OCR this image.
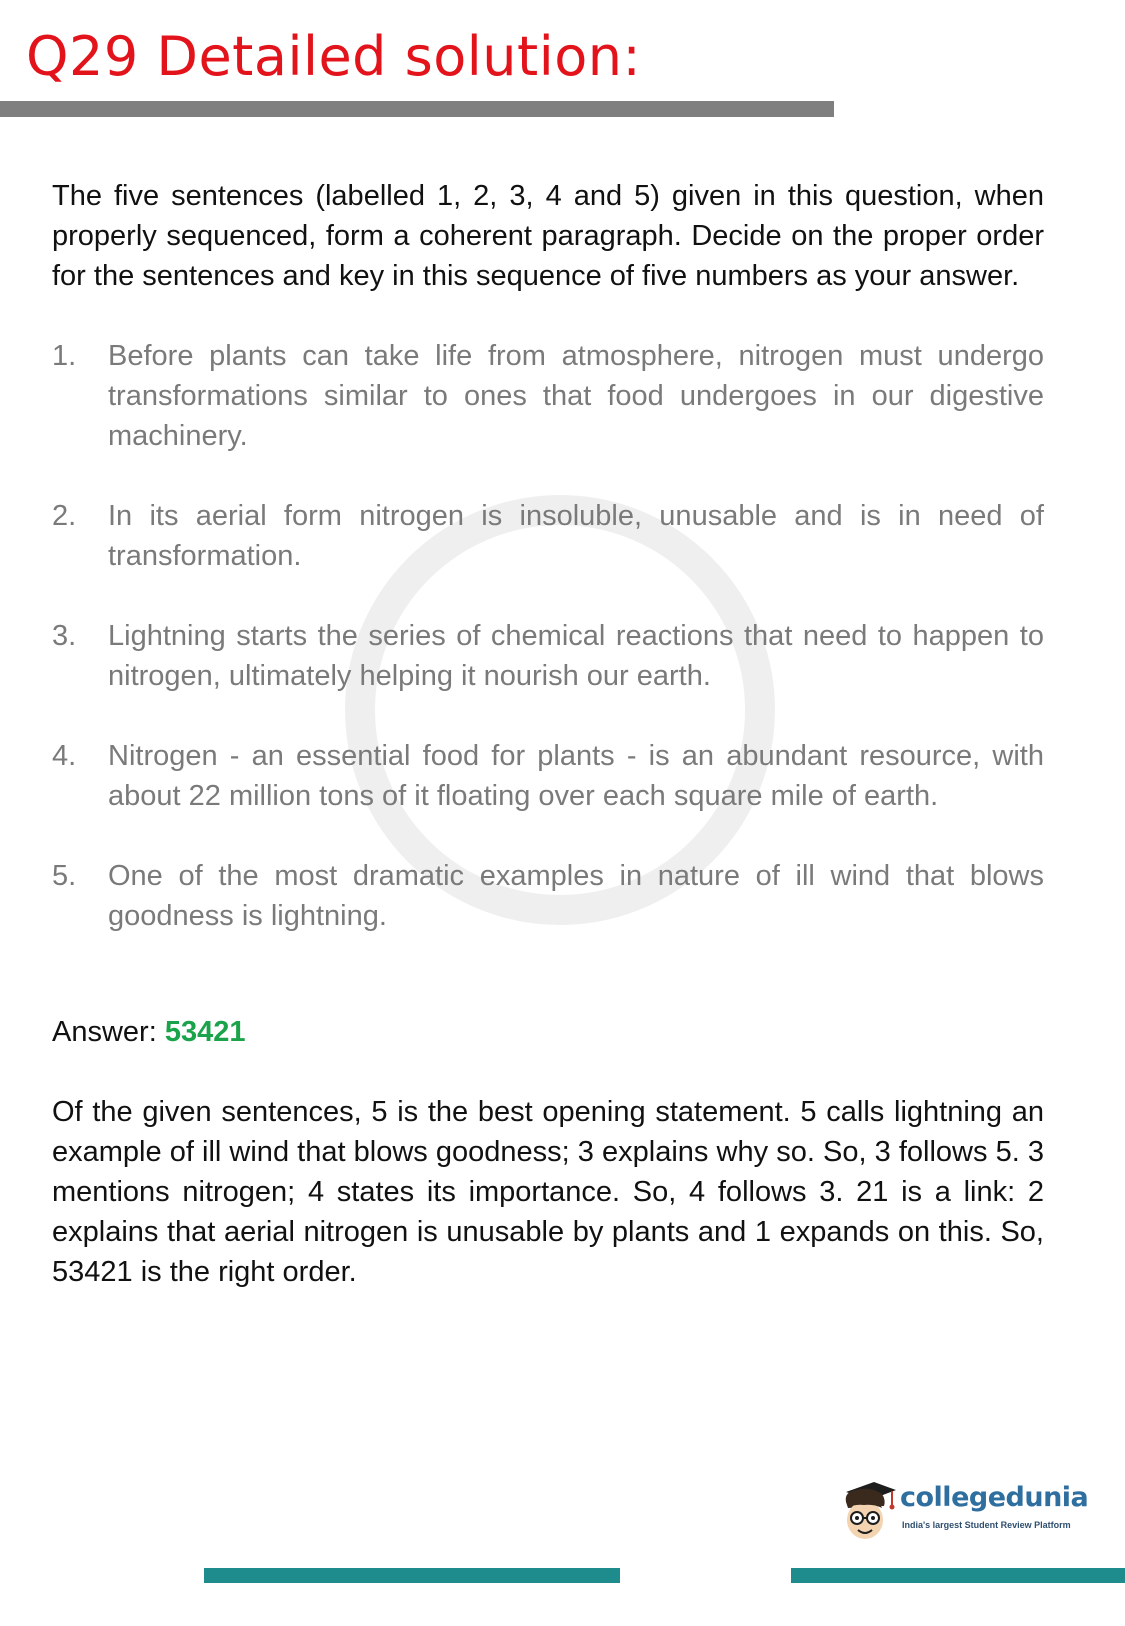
Q29 Detailed solution:

The five sentences (labelled 1, 2, 3, 4 and 5) given in this question, when properly sequenced, form a coherent paragraph. Decide on the proper order for the sentences and key in this sequence of five numbers as your answer.

1.	Before plants can take life from atmosphere, nitrogen must undergo transformations similar to ones that food undergoes in our digestive machinery.
2.	In its aerial form nitrogen is insoluble, unusable and is in need of transformation.
3.	Lightning starts the series of chemical reactions that need to happen to nitrogen, ultimately helping it nourish our earth.
4.	Nitrogen - an essential food for plants - is an abundant resource, with about 22 million tons of it floating over each square mile of earth.
5.	One of the most dramatic examples in nature of ill wind that blows goodness is lightning.
Answer: 53421

Of the given sentences, 5 is the best opening statement. 5 calls lightning an example of ill wind that blows goodness; 3 explains why so. So, 3 follows 5. 3 mentions nitrogen; 4 states its importance. So, 4 follows 3. 21 is a link: 2 explains that aerial nitrogen is unusable by plants and 1 expands on this. So, 53421 is the right order.

collegedunia
India's largest Student Review Platform
